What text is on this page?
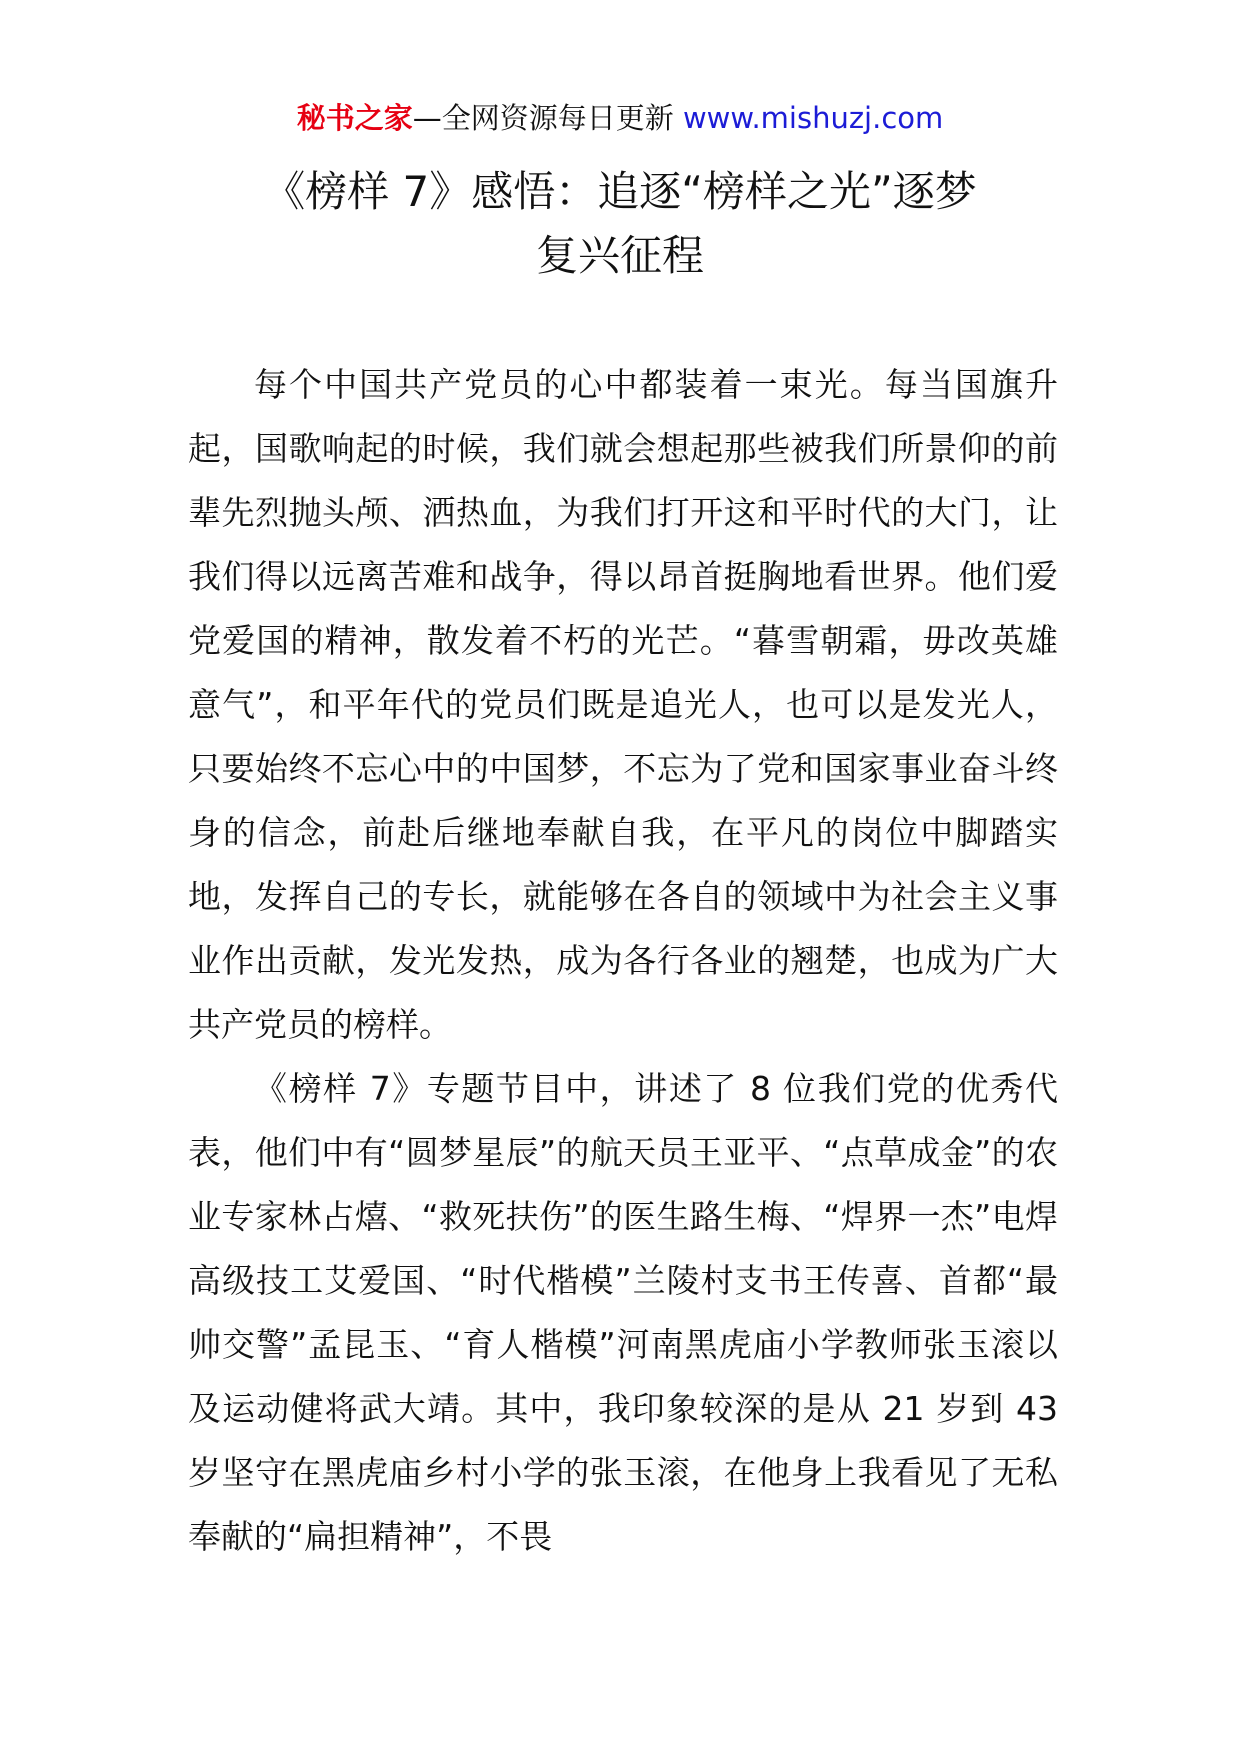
秘书之家—全网资源每日更新 www.mishuzj.com
《榜样 7》感悟：追逐“榜样之光”逐梦
复兴征程

每个中国共产党员的心中都装着一束光。每当国旗升起，国歌响起的时候，我们就会想起那些被我们所景仰的前辈先烈抛头颅、洒热血，为我们打开这和平时代的大门，让我们得以远离苦难和战争，得以昂首挺胸地看世界。他们爱党爱国的精神，散发着不朽的光芒。“暮雪朝霜，毋改英雄意气”，和平年代的党员们既是追光人，也可以是发光人，只要始终不忘心中的中国梦，不忘为了党和国家事业奋斗终身的信念，前赴后继地奉献自我，在平凡的岗位中脚踏实地，发挥自己的专长，就能够在各自的领域中为社会主义事业作出贡献，发光发热，成为各行各业的翘楚，也成为广大共产党员的榜样。

《榜样 7》专题节目中，讲述了 8 位我们党的优秀代表，他们中有“圆梦星辰”的航天员王亚平、“点草成金”的农业专家林占熺、“救死扶伤”的医生路生梅、“焊界一杰”电焊高级技工艾爱国、“时代楷模”兰陵村支书王传喜、首都“最帅交警”孟昆玉、“育人楷模”河南黑虎庙小学教师张玉滚以及运动健将武大靖。其中，我印象较深的是从 21 岁到 43 岁坚守在黑虎庙乡村小学的张玉滚，在他身上我看见了无私奉献的“扁担精神”，不畏
